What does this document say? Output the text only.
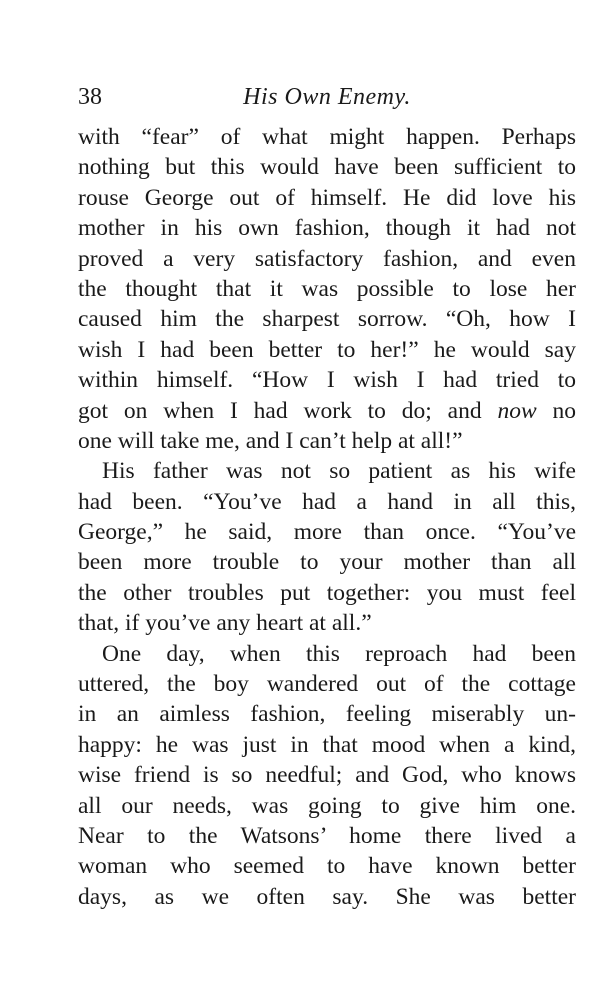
38	His Own Enemy.
with “fear” of what might happen. Perhaps
nothing but this would have been sufficient to
rouse George out of himself. He did love his
mother in his own fashion, though it had not
proved a very satisfactory fashion, and even
the thought that it was possible to lose her
caused him the sharpest sorrow. “Oh, how I
wish I had been better to her!” he would say
within himself. “How I wish I had tried to
got on when I had work to do; and now no
one will take me, and I can’t help at all!”
His father was not so patient as his wife
had been. “You’ve had a hand in all this,
George,” he said, more than once. “You’ve
been more trouble to your mother than all
the other troubles put together: you must feel
that, if you’ve any heart at all.”
One day, when this reproach had been
uttered, the boy wandered out of the cottage
in an aimless fashion, feeling miserably un-
happy: he was just in that mood when a kind,
wise friend is so needful; and God, who knows
all our needs, was going to give him one.
Near to the Watsons’ home there lived a
woman who seemed to have known better
days, as we often say. She was better
